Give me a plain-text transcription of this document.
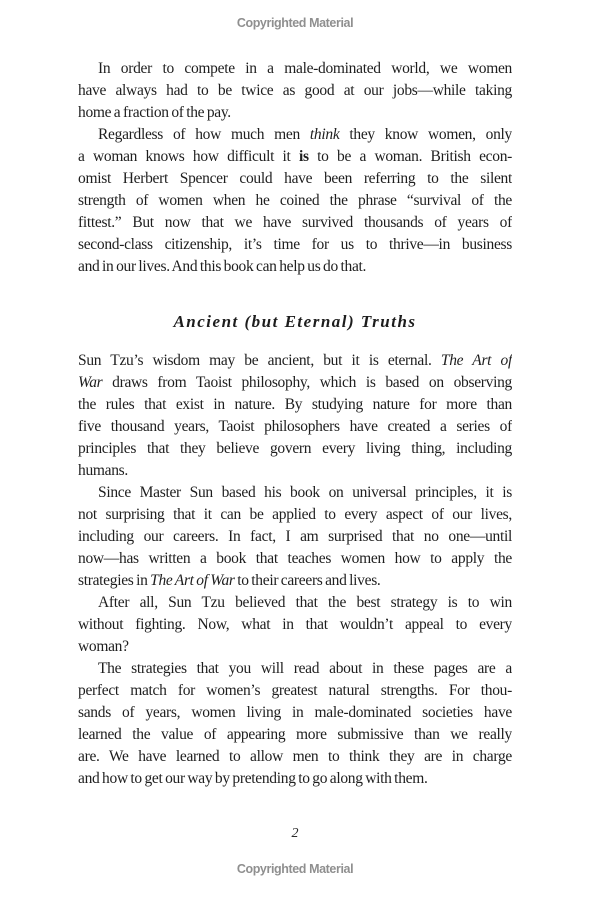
Copyrighted Material
In order to compete in a male-dominated world, we women
have always had to be twice as good at our jobs—while taking
home a fraction of the pay.
Regardless of how much men think they know women, only
a woman knows how difficult it is to be a woman. British econ-
omist Herbert Spencer could have been referring to the silent
strength of women when he coined the phrase “survival of the
fittest.” But now that we have survived thousands of years of
second-class citizenship, it’s time for us to thrive—in business
and in our lives. And this book can help us do that.
Ancient (but Eternal) Truths
Sun Tzu’s wisdom may be ancient, but it is eternal. The Art of
War draws from Taoist philosophy, which is based on observing
the rules that exist in nature. By studying nature for more than
five thousand years, Taoist philosophers have created a series of
principles that they believe govern every living thing, including
humans.
Since Master Sun based his book on universal principles, it is
not surprising that it can be applied to every aspect of our lives,
including our careers. In fact, I am surprised that no one—until
now—has written a book that teaches women how to apply the
strategies in The Art of War to their careers and lives.
After all, Sun Tzu believed that the best strategy is to win
without fighting. Now, what in that wouldn’t appeal to every
woman?
The strategies that you will read about in these pages are a
perfect match for women’s greatest natural strengths. For thou-
sands of years, women living in male-dominated societies have
learned the value of appearing more submissive than we really
are. We have learned to allow men to think they are in charge
and how to get our way by pretending to go along with them.
2
Copyrighted Material
